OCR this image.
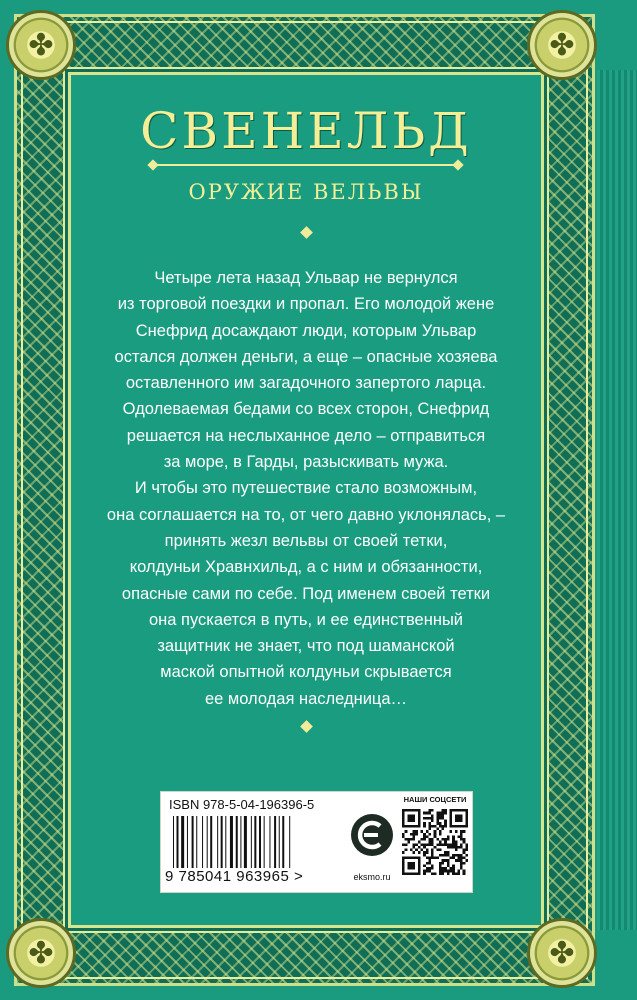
✤	✤
✤	✤
СВЕНЕЛЬД
ОРУЖИЕ ВЕЛЬВЫ

Четыре лета назад Ульвар не вернулся
из торговой поездки и пропал. Его молодой жене
Снефрид досаждают люди, которым Ульвар
остался должен деньги, а еще – опасные хозяева
оставленного им загадочного запертого ларца.
Одолеваемая бедами со всех сторон, Снефрид
решается на неслыханное дело – отправиться
за море, в Гарды, разыскивать мужа.
И чтобы это путешествие стало возможным,
она соглашается на то, от чего давно уклонялась, –
принять жезл вельвы от своей тетки,
колдуньи Хравнхильд, а с ним и обязанности,
опасные сами по себе. Под именем своей тетки
она пускается в путь, и ее единственный
защитник не знает, что под шаманской
маской опытной колдуньи скрывается
ее молодая наследница…

ISBN 978-5-04-196396-5
9 785041 963965 >	eksmo.ru
НАШИ СОЦСЕТИ
